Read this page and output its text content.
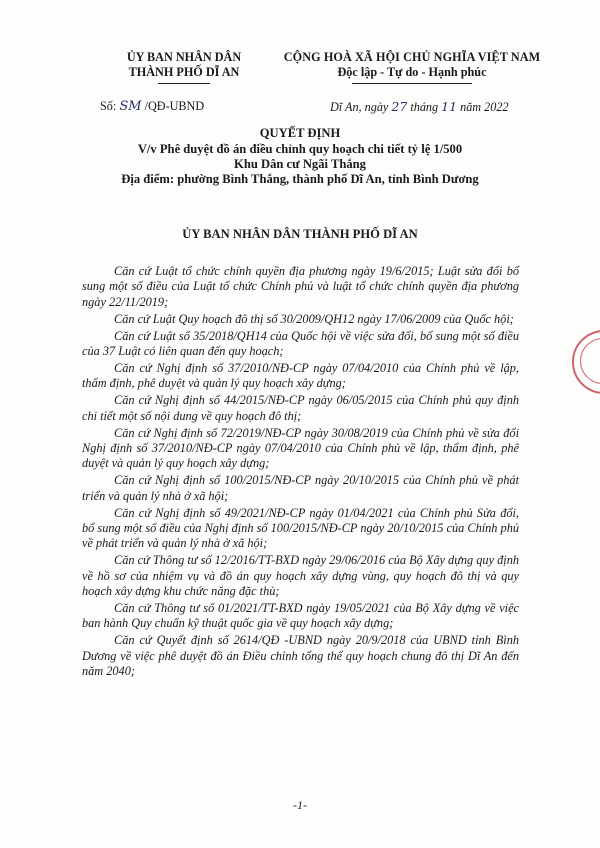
ỦY BAN NHÂN DÂN
THÀNH PHỐ DĨ AN
CỘNG HOÀ XÃ HỘI CHỦ NGHĨA VIỆT NAM
Độc lập - Tự do - Hạnh phúc
Số: SM /QĐ-UBND	Dĩ An, ngày 27 tháng 11 năm 2022
QUYẾT ĐỊNH
V/v Phê duyệt đồ án điều chỉnh quy hoạch chi tiết tỷ lệ 1/500
Khu Dân cư Ngãi Thắng
Địa điểm: phường Bình Thắng, thành phố Dĩ An, tỉnh Bình Dương
ỦY BAN NHÂN DÂN THÀNH PHỐ DĨ AN

Căn cứ Luật tổ chức chính quyền địa phương ngày 19/6/2015; Luật sửa đổi bổ sung một số điều của Luật tổ chức Chính phủ và luật tổ chức chính quyền địa phương ngày 22/11/2019;

Căn cứ Luật Quy hoạch đô thị số 30/2009/QH12 ngày 17/06/2009 của Quốc hội;

Căn cứ Luật số 35/2018/QH14 của Quốc hội về việc sửa đổi, bổ sung một số điều của 37 Luật có liên quan đến quy hoạch;

Căn cứ Nghị định số 37/2010/NĐ-CP ngày 07/04/2010 của Chính phủ về lập, thẩm định, phê duyệt và quản lý quy hoạch xây dựng;

Căn cứ Nghị định số 44/2015/NĐ-CP ngày 06/05/2015 của Chính phủ quy định chi tiết một số nội dung về quy hoạch đô thị;

Căn cứ Nghị định số 72/2019/NĐ-CP ngày 30/08/2019 của Chính phủ về sửa đổi Nghị định số 37/2010/NĐ-CP ngày 07/04/2010 của Chính phủ về lập, thẩm định, phê duyệt và quản lý quy hoạch xây dựng;

Căn cứ Nghị định số 100/2015/NĐ-CP ngày 20/10/2015 của Chính phủ về phát triển và quản lý nhà ở xã hội;

Căn cứ Nghị định số 49/2021/NĐ-CP ngày 01/04/2021 của Chính phủ Sửa đổi, bổ sung một số điều của Nghị định số 100/2015/NĐ-CP ngày 20/10/2015 của Chính phủ về phát triển và quản lý nhà ở xã hội;

Căn cứ Thông tư số 12/2016/TT-BXD ngày 29/06/2016 của Bộ Xây dựng quy định về hồ sơ của nhiệm vụ và đồ án quy hoạch xây dựng vùng, quy hoạch đô thị và quy hoạch xây dựng khu chức năng đặc thù;

Căn cứ Thông tư số 01/2021/TT-BXD ngày 19/05/2021 của Bộ Xây dựng về việc ban hành Quy chuẩn kỹ thuật quốc gia về quy hoạch xây dựng;

Căn cứ Quyết định số 2614/QĐ -UBND ngày 20/9/2018 của UBND tỉnh Bình Dương về việc phê duyệt đồ án Điều chỉnh tổng thể quy hoạch chung đô thị Dĩ An đến năm 2040;

-1-
